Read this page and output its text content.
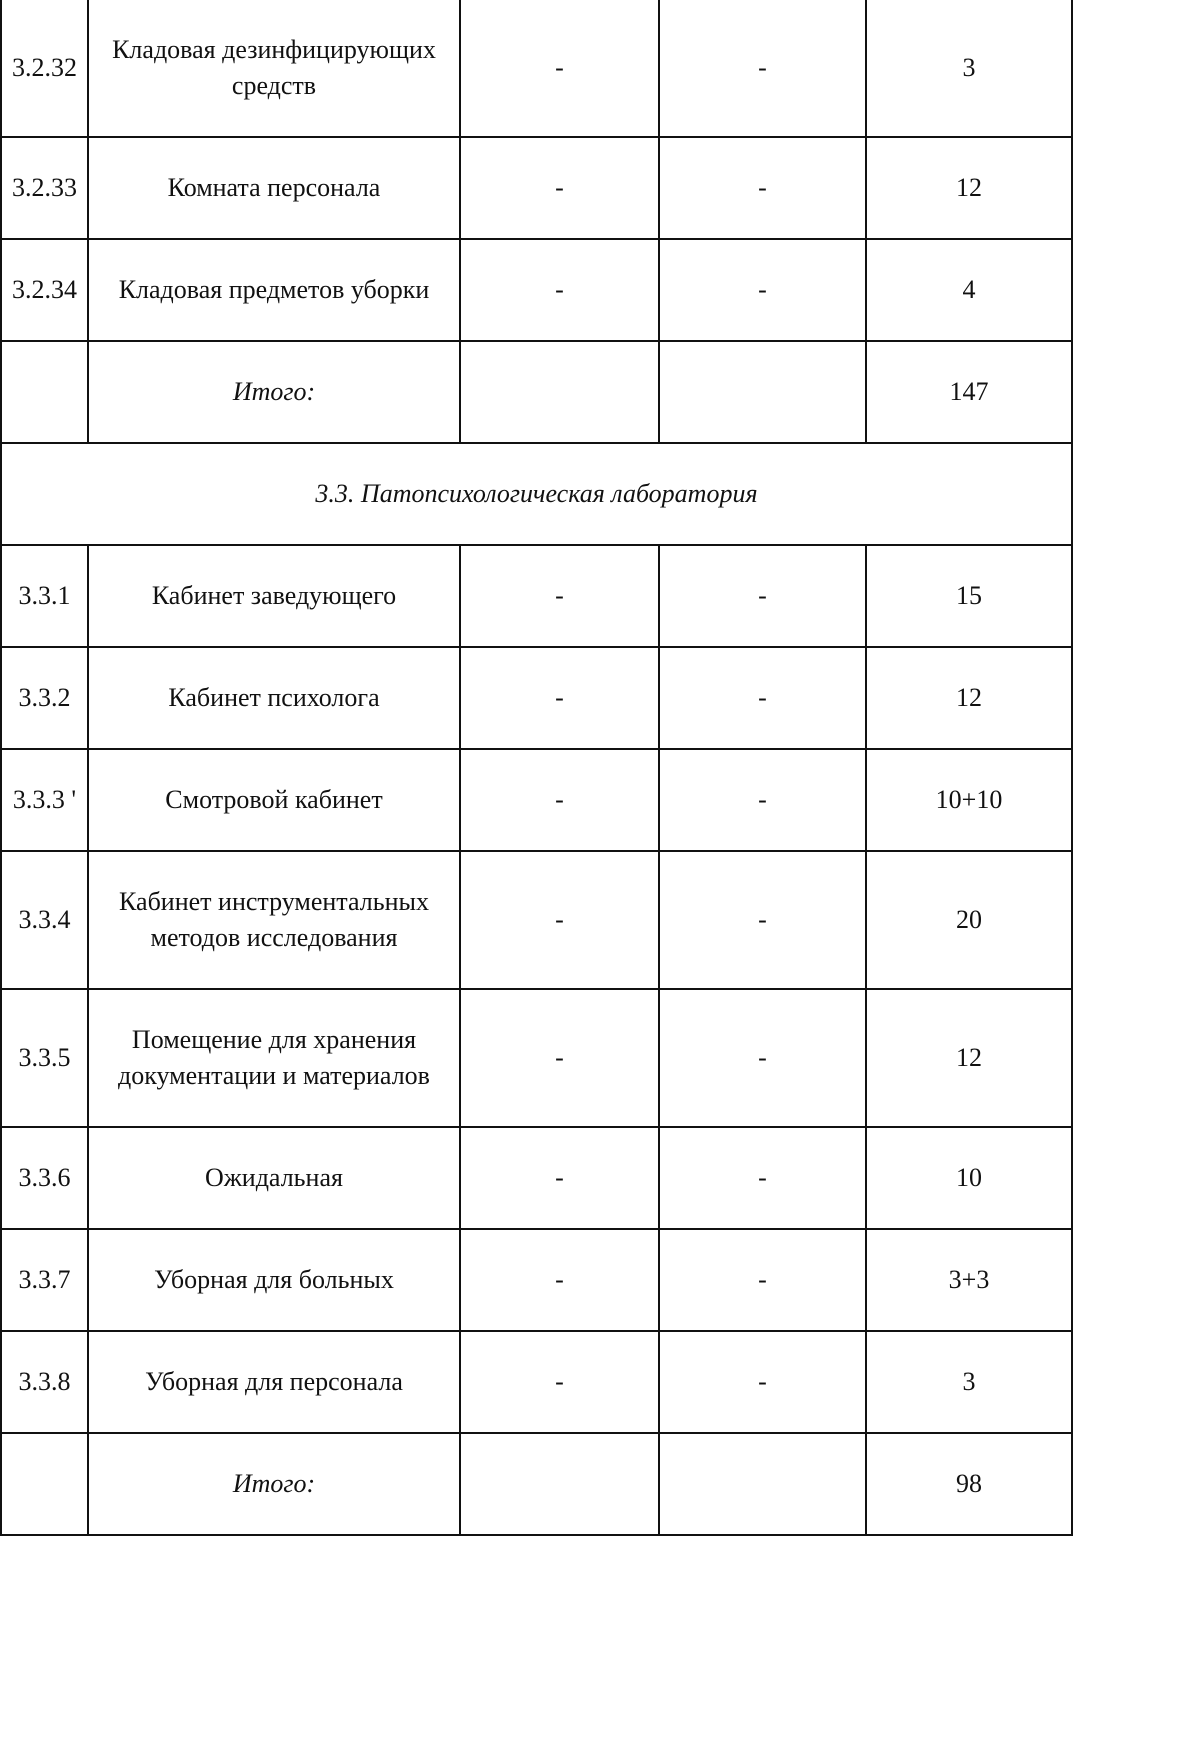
3.2.32	Кладовая дезинфицирующих средств	-	-	3
3.2.33	Комната персонала	-	-	12
3.2.34	Кладовая предметов уборки	-	-	4
	Итого:			147
3.3. Патопсихологическая лаборатория				
3.3.1	Кабинет заведующего	-	-	15
3.3.2	Кабинет психолога	-	-	12
3.3.3 '	Смотровой кабинет	-	-	10+10
3.3.4	Кабинет инструментальных методов исследования	-	-	20
3.3.5	Помещение для хранения документации и материалов	-	-	12
3.3.6	Ожидальная	-	-	10
3.3.7	Уборная для больных	-	-	3+3
3.3.8	Уборная для персонала	-	-	3
	Итого:			98
